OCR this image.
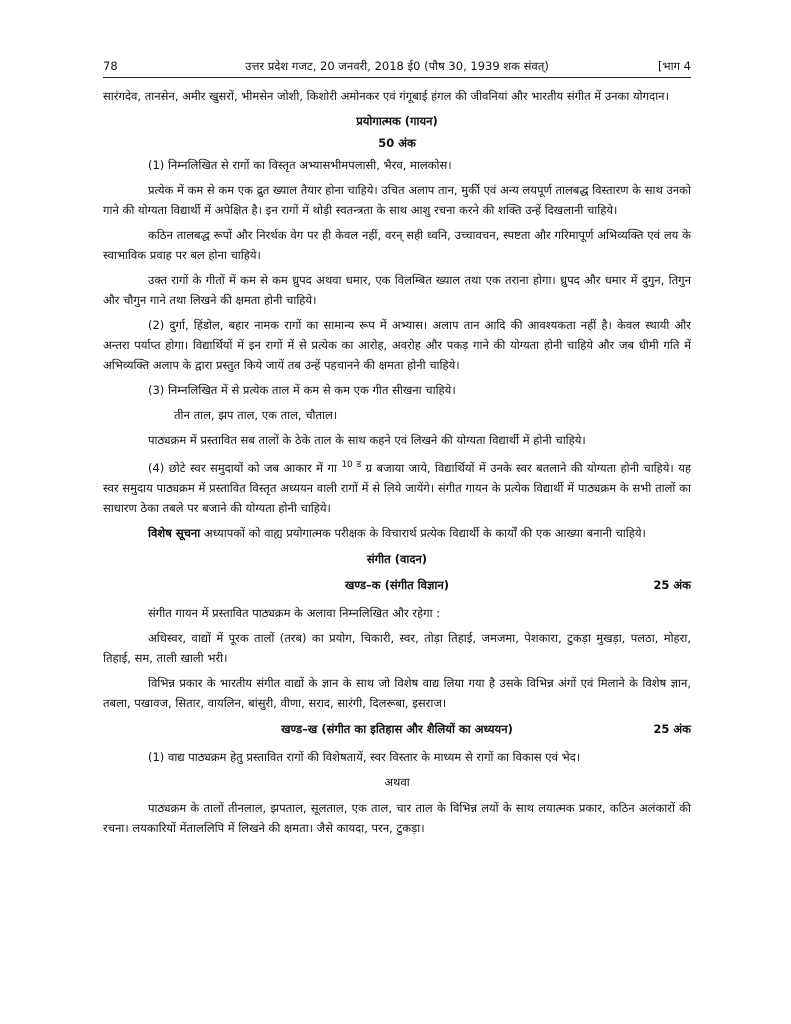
78	उत्तर प्रदेश गजट, 20 जनवरी, 2018 ई0 (पौष 30, 1939 शक संवत्)	[भाग 4

सारंगदेव, तानसेन, अमीर खुसरों, भीमसेन जोशी, किशोरी अमोनकर एवं गंगूबाई हंगल की जीवनियां और भारतीय संगीत में उनका योगदान।

प्रयोगात्मक (गायन)

50 अंक

(1) निम्नलिखित से रागों का विस्तृत अभ्यासभीमपलासी, भैरव, मालकोस।

प्रत्येक में कम से कम एक द्रुत ख्याल तैयार होना चाहिये। उचित अलाप तान, मुर्की एवं अन्य लयपूर्ण तालबद्ध विस्तारण के साथ उनको गाने की योग्यता विद्यार्थी में अपेक्षित है। इन रागों में थोड़ी स्वतन्त्रता के साथ आशु रचना करने की शक्ति उन्हें दिखलानी चाहिये।

कठिन तालबद्ध रूपों और निरर्थक वेग पर ही केवल नहीं, वरन् सही ध्वनि, उच्चावचन, स्पष्टता और गरिमापूर्ण अभिव्यक्ति एवं लय के स्वाभाविक प्रवाह पर बल होना चाहिये।

उक्त रागों के गीतों में कम से कम ध्रुपद अथवा धमार, एक विलम्बित ख्याल तथा एक तराना होगा। ध्रुपद और धमार में दुगुन, तिगुन और चौगुन गाने तथा लिखने की क्षमता होनी चाहिये।

(2) दुर्गा, हिंडोल, बहार नामक रागों का सामान्य रूप में अभ्यास। अलाप तान आदि की आवश्यकता नहीं है। केवल स्थायी और अन्तरा पर्याप्त होगा। विद्यार्थियों में इन रागों में से प्रत्येक का आरोह, अवरोह और पकड़ गाने की योग्यता होनी चाहिये और जब धीमी गति में अभिव्यक्ति अलाप के द्वारा प्रस्तुत किये जायें तब उन्हें पहचानने की क्षमता होनी चाहिये।

(3) निम्नलिखित में से प्रत्येक ताल में कम से कम एक गीत सीखना चाहिये।

तीन ताल, झप ताल, एक ताल, चौताल।

पाठ्यक्रम में प्रस्तावित सब तालों के ठेके ताल के साथ कहने एवं लिखने की योग्यता विद्यार्थी में होनी चाहिये।

(4) छोटे स्वर समुदायों को जब आकार में गा $^{10 ड}$ ग्र बजाया जाये, विद्यार्थियों में उनके स्वर बतलाने की योग्यता होनी चाहिये। यह स्वर समुदाय पाठ्यक्रम में प्रस्तावित विस्तृत अध्ययन वाली रागों में से लिये जायेंगे। संगीत गायन के प्रत्येक विद्यार्थी में पाठ्यक्रम के सभी तालों का साधारण ठेका तबले पर बजाने की योग्यता होनी चाहिये।

विशेष सूचना अध्यापकों को वाह्य प्रयोगात्मक परीक्षक के विचारार्थ प्रत्येक विद्यार्थी के कार्यों की एक आख्या बनानी चाहिये।

संगीत (वादन)

खण्ड–क (संगीत विज्ञान)	25 अंक

संगीत गायन में प्रस्तावित पाठ्यक्रम के अलावा निम्नलिखित और रहेगा :

अधिस्वर, वाद्यों में पूरक तालों (तरब) का प्रयोग, चिकारी, स्वर, तोड़ा तिहाई, जमजमा, पेशकारा, टुकड़ा मुखड़ा, पलठा, मोहरा, तिहाई, सम, ताली खाली भरी।

विभिन्न प्रकार के भारतीय संगीत वाद्यों के ज्ञान के साथ जो विशेष वाद्य लिया गया है उसके विभिन्न अंगों एवं मिलाने के विशेष ज्ञान, तबला, पखावज, सितार, वायलिन, बांसुरी, वीणा, सराद, सारंगी, दिलरूबा, इसराज।

खण्ड–ख (संगीत का इतिहास और शैलियों का अध्ययन)	25 अंक

(1) वाद्य पाठ्यक्रम हेतु प्रस्तावित रागों की विशेषतायें, स्वर विस्तार के माध्यम से रागों का विकास एवं भेद।

अथवा

पाठ्यक्रम के तालों तीनलाल, झपताल, सूलताल, एक ताल, चार ताल के विभिन्न लयों के साथ लयात्मक प्रकार, कठिन अलंकारों की रचना। लयकारियों मेंताललिपि में लिखने की क्षमता। जैसे कायदा, परन, टुकड़ा।
